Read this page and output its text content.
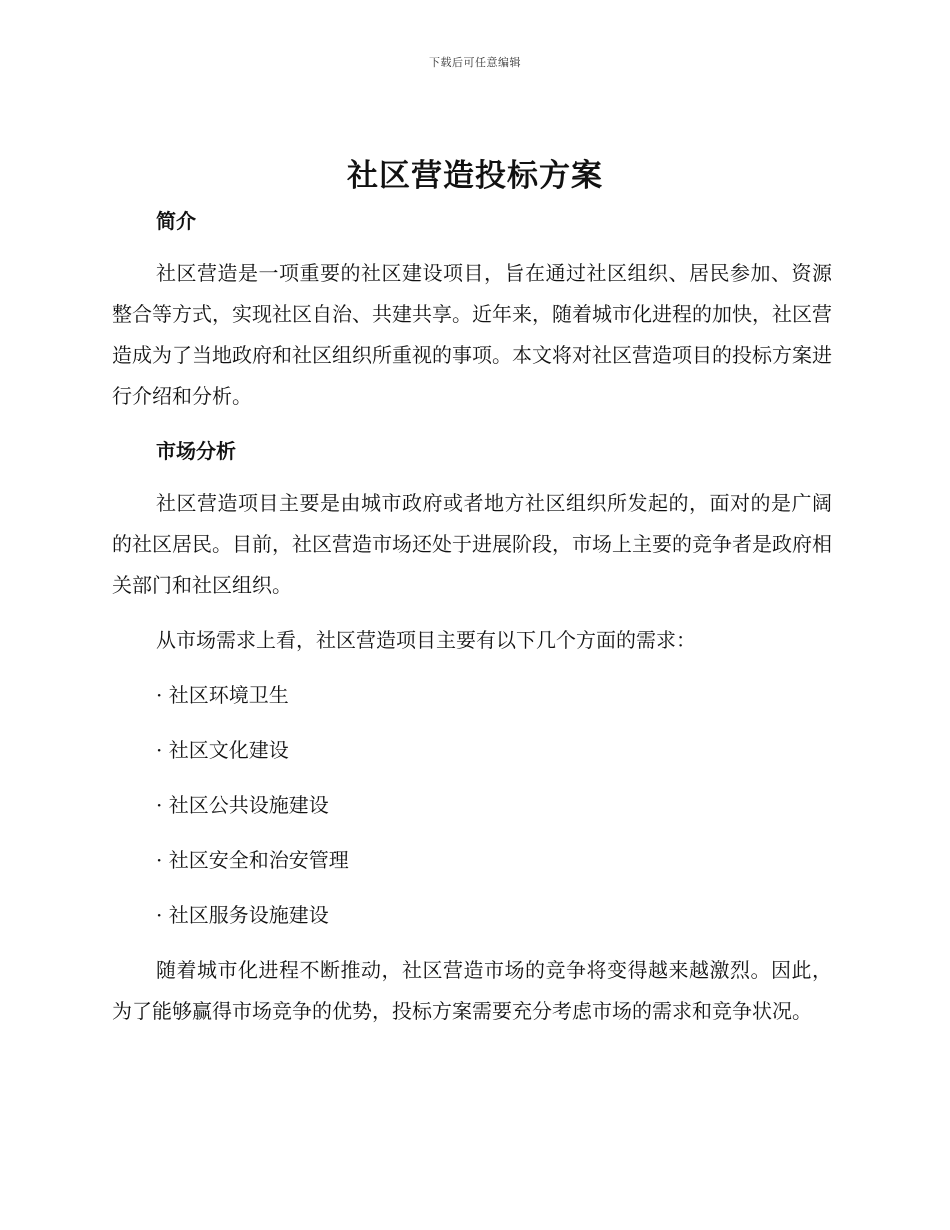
下载后可任意编辑
社区营造投标方案
简介

社区营造是一项重要的社区建设项目，旨在通过社区组织、居民参加、资源整合等方式，实现社区自治、共建共享。近年来，随着城市化进程的加快，社区营造成为了当地政府和社区组织所重视的事项。本文将对社区营造项目的投标方案进行介绍和分析。

市场分析

社区营造项目主要是由城市政府或者地方社区组织所发起的，面对的是广阔的社区居民。目前，社区营造市场还处于进展阶段，市场上主要的竞争者是政府相关部门和社区组织。

从市场需求上看，社区营造项目主要有以下几个方面的需求：

· 社区环境卫生
· 社区文化建设
· 社区公共设施建设
· 社区安全和治安管理
· 社区服务设施建设

随着城市化进程不断推动，社区营造市场的竞争将变得越来越激烈。因此，为了能够赢得市场竞争的优势，投标方案需要充分考虑市场的需求和竞争状况。
